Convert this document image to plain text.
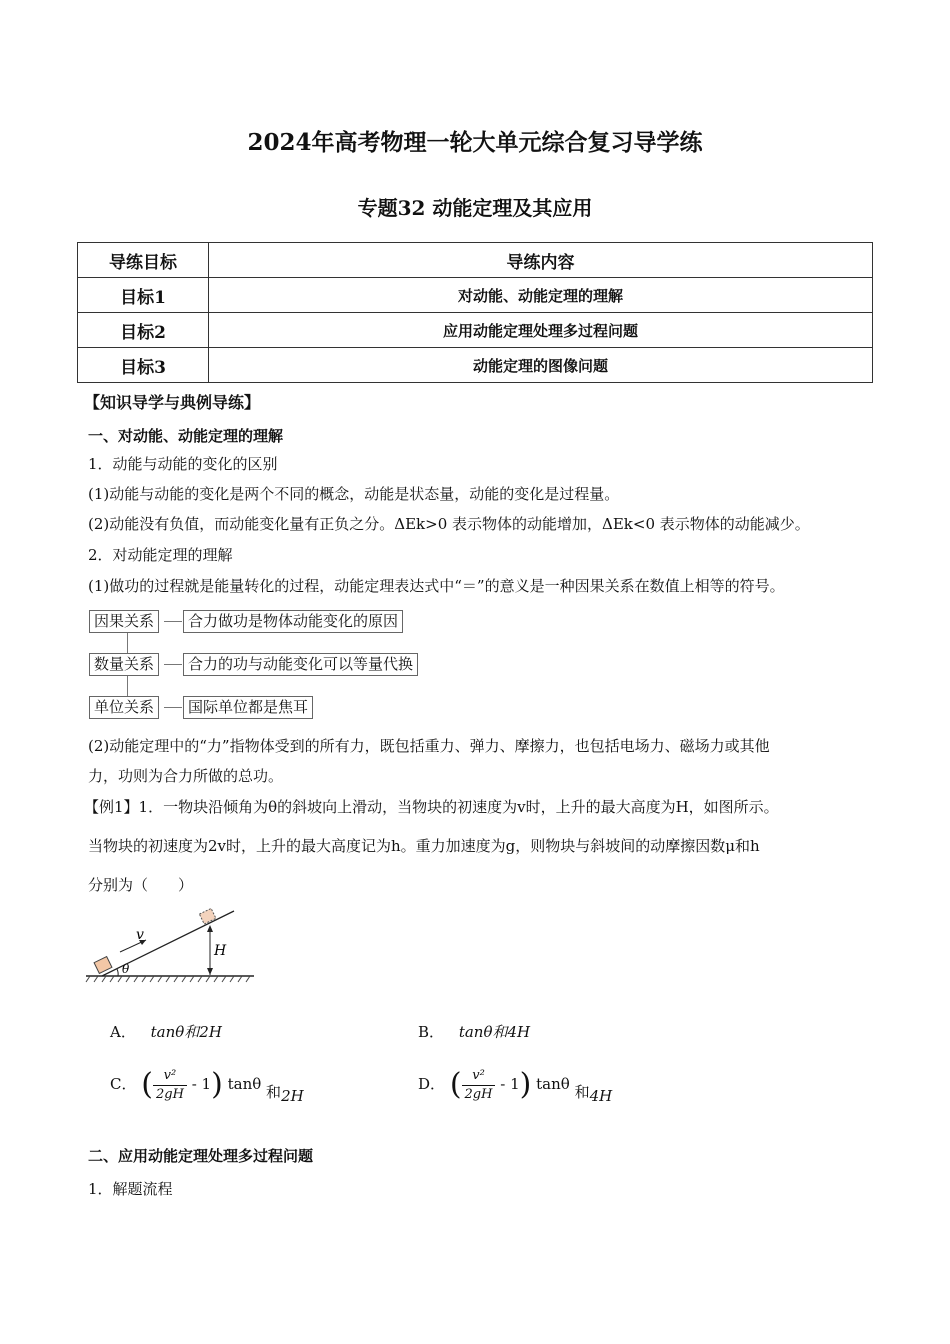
2024年高考物理一轮大单元综合复习导学练
专题32 动能定理及其应用
导练目标	导练内容
目标1	对动能、动能定理的理解
目标2	应用动能定理处理多过程问题
目标3	动能定理的图像问题
【知识导学与典例导练】
一、对动能、动能定理的理解
1．动能与动能的变化的区别
(1)动能与动能的变化是两个不同的概念，动能是状态量，动能的变化是过程量。
(2)动能没有负值，而动能变化量有正负之分。ΔEk>0 表示物体的动能增加，ΔEk<0 表示物体的动能减少。
2．对动能定理的理解
(1)做功的过程就是能量转化的过程，动能定理表达式中“＝”的意义是一种因果关系在数值上相等的符号。
因果关系	合力做功是物体动能变化的原因
数量关系	合力的功与动能变化可以等量代换
单位关系	国际单位都是焦耳
(2)动能定理中的“力”指物体受到的所有力，既包括重力、弹力、摩擦力，也包括电场力、磁场力或其他
力，功则为合力所做的总功。
【例1】1．一物块沿倾角为θ的斜坡向上滑动，当物块的初速度为v时，上升的最大高度为H，如图所示。
当物块的初速度为2v时，上升的最大高度记为h。重力加速度为g，则物块与斜坡间的动摩擦因数μ和h
分别为（　　）
v
H
θ
A． tanθ和2H	B． tanθ和4H
C． ( $\frac{\text{v²}}{2gH} - 1$) tanθ 和2H
D． ( $\frac{\text{v²}}{2gH} - 1$) tanθ 和4H
二、应用动能定理处理多过程问题
1．解题流程
